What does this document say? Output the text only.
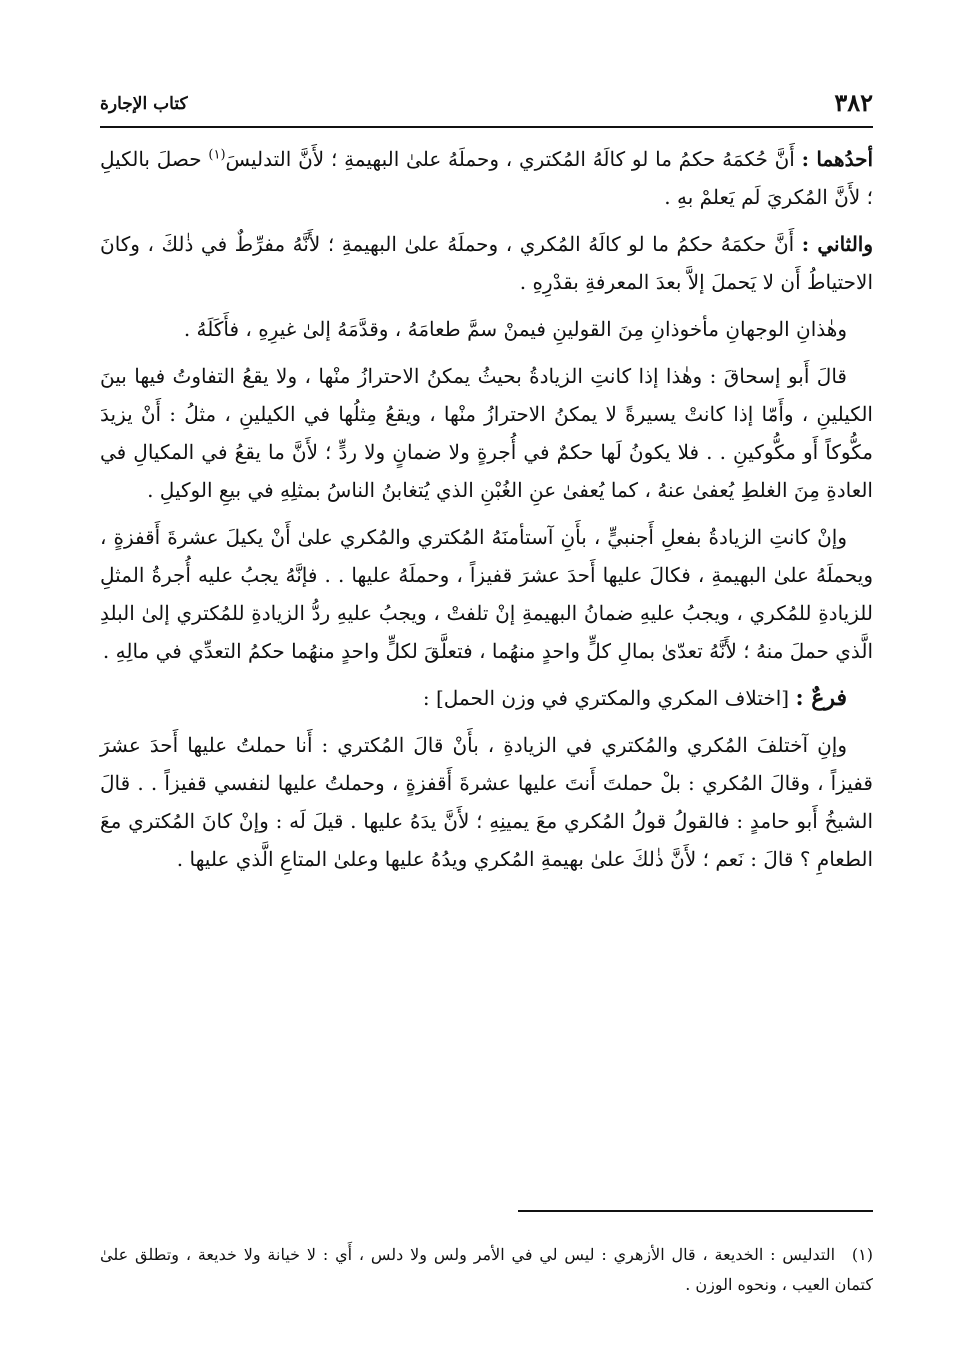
٣٨٢
كتاب الإجارة

أحدُهما : أَنَّ حُكمَهُ حكمُ ما لو كالَهُ المُكتري ، وحملَهُ علىٰ البهيمةِ ؛ لأَنَّ التدليسَ$^{(١)}$ حصلَ بالكيلِ ؛ لأَنَّ المُكريَ لَم يَعلمْ بهِ .

والثاني : أَنَّ حكمَهُ حكمُ ما لو كالَهُ المُكري ، وحملَهُ علىٰ البهيمةِ ؛ لأَنَّهُ مفرِّطٌ في ذٰلكَ ، وكانَ الاحتياطُ أَن لا يَحملَ إلاَّ بعدَ المعرفةِ بقدْرِهِ .

وهٰذانِ الوجهانِ مأخوذانِ مِنَ القولينِ فيمنْ سمَّ طعامَهُ ، وقدَّمَهُ إلىٰ غيرِهِ ، فأَكَلَهُ .

قالَ أَبو إسحاقَ : وهٰذا إذا كانتِ الزيادةُ بحيثُ يمكنُ الاحترازُ منْها ، ولا يقعُ التفاوتُ فيها بينَ الكيلينِ ، وأَمّا إذا كانتْ يسيرةً لا يمكنُ الاحترازُ منْها ، ويقعُ مِثلُها في الكيلينِ ، مثلُ : أَنْ يزيدَ مكُّوكاً أَو مكُّوكينِ . . فلا يكونُ لَها حكمٌ في أُجرةٍ ولا ضمانٍ ولا ردٍّ ؛ لأَنَّ ما يقعُ في المكيالِ في العادةِ مِنَ الغلطِ يُعفىٰ عنهُ ، كما يُعفىٰ عنِ الغُبْنِ الذي يُتغابنُ الناسُ بمثلِهِ في بيعِ الوكيلِ .

وإنْ كانتِ الزيادةُ بفعلِ أَجنبيٍّ ، بأَنِ آستأمنَهُ المُكتري والمُكري علىٰ أَنْ يكيلَ عشرةَ أَقفزةٍ ، ويحملَهُ علىٰ البهيمةِ ، فكالَ عليها أَحدَ عشرَ قفيزاً ، وحملَهُ عليها . . فإنَّهُ يجبُ عليه أُجرةُ المثلِ للزيادةِ للمُكري ، ويجبُ عليهِ ضمانُ البهيمةِ إنْ تلفتْ ، ويجبُ عليهِ ردُّ الزيادةِ للمُكتري إلىٰ البلدِ الَّذي حملَ منهُ ؛ لأَنَّهُ تعدّىٰ بمالِ كلٍّ واحدٍ منهُما ، فتعلَّقَ لكلٍّ واحدٍ منهُما حكمُ التعدِّي في مالِهِ .

فرعٌ : [اختلاف المكري والمكتري في وزن الحمل] :

وإنِ آختلفَ المُكري والمُكتري في الزيادةِ ، بأَنْ قالَ المُكتري : أَنا حملتُ عليها أَحدَ عشرَ قفيزاً ، وقالَ المُكري : بلْ حملتَ أَنتَ عليها عشرةَ أَقفزةٍ ، وحملتُ عليها لنفسي قفيزاً . . قالَ الشيخُ أَبو حامدٍ : فالقولُ قولُ المُكري معَ يمينِهِ ؛ لأَنَّ يدَهُ عليها . قيلَ لَه : وإنْ كانَ المُكتري معَ الطعامِ ؟ قالَ : نَعم ؛ لأَنَّ ذٰلكَ علىٰ بهيمةِ المُكري ويدُهُ عليها وعلىٰ المتاعِ الَّذي عليها .

(١) التدليس : الخديعة ، قال الأزهري : ليس لي في الأمر ولس ولا دلس ، أَي : لا خيانة ولا خديعة ، وتطلق علىٰ كتمان العيب ، ونحوه الوزن .
